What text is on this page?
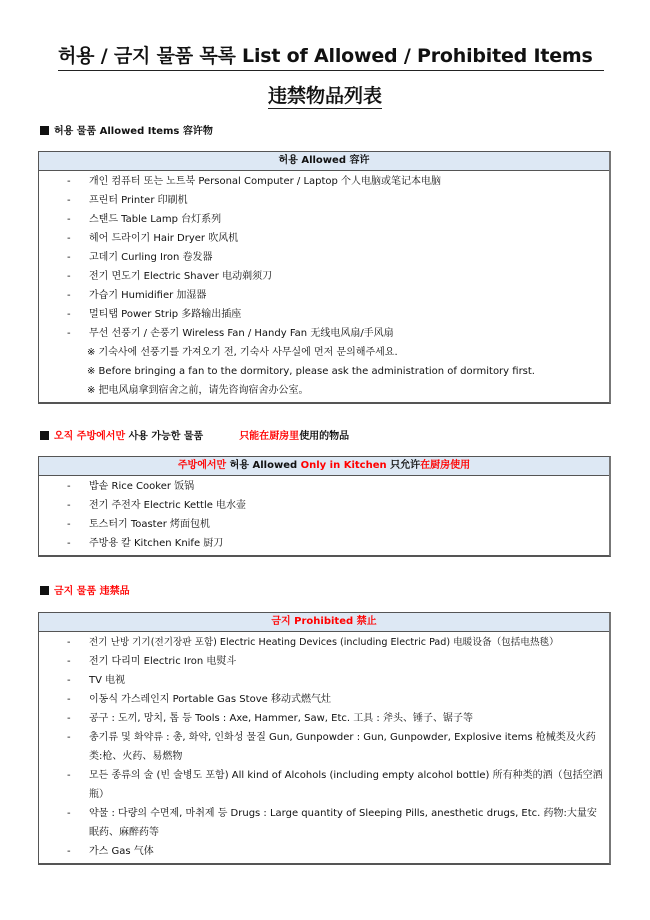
허용 / 금지 물품 목록 List of Allowed / Prohibited Items
违禁物品列表
허용 물품 Allowed Items 容许物
허용 Allowed 容许
- 개인 컴퓨터 또는 노트북 Personal Computer / Laptop 个人电脑或笔记本电脑
- 프린터 Printer 印刷机
- 스탠드 Table Lamp 台灯系列
- 헤어 드라이기 Hair Dryer 吹风机
- 고데기 Curling Iron 卷发器
- 전기 면도기 Electric Shaver 电动剃须刀
- 가습기 Humidifier 加湿器
- 멀티탭 Power Strip 多路输出插座
- 무선 선풍기 / 손풍기 Wireless Fan / Handy Fan 无线电风扇/手风扇
※ 기숙사에 선풍기를 가져오기 전, 기숙사 사무실에 먼저 문의해주세요.
※ Before bringing a fan to the dormitory, please ask the administration of dormitory first.
※ 把电风扇拿到宿舍之前，请先咨询宿舍办公室。
오직 주방에서만 사용 가능한 물품	只能在厨房里使用的物品
주방에서만 허용 Allowed Only in Kitchen 只允许在厨房使用
- 밥솥 Rice Cooker 饭锅
- 전기 주전자 Electric Kettle 电水壶
- 토스터기 Toaster 烤面包机
- 주방용 칼 Kitchen Knife 厨刀
금지 물품 违禁品
금지 Prohibited 禁止
- 전기 난방 기기(전기장판 포함) Electric Heating Devices (including Electric Pad) 电暖设备（包括电热毯）
- 전기 다리미 Electric Iron 电熨斗
- TV 电视
- 이동식 가스레인지 Portable Gas Stove 移动式燃气灶
- 공구 : 도끼, 망치, 톱 등 Tools : Axe, Hammer, Saw, Etc. 工具 : 斧头、锤子、锯子等
- 총기류 및 화약류 : 총, 화약, 인화성 물질 Gun, Gunpowder : Gun, Gunpowder, Explosive items 枪械类及火药类:枪、火药、易燃物
- 모든 종류의 술 (빈 술병도 포함) All kind of Alcohols (including empty alcohol bottle) 所有种类的酒（包括空酒瓶）
- 약물 : 다량의 수면제, 마취제 등 Drugs : Large quantity of Sleeping Pills, anesthetic drugs, Etc. 药物:大量安眠药、麻醉药等
- 가스 Gas 气体
